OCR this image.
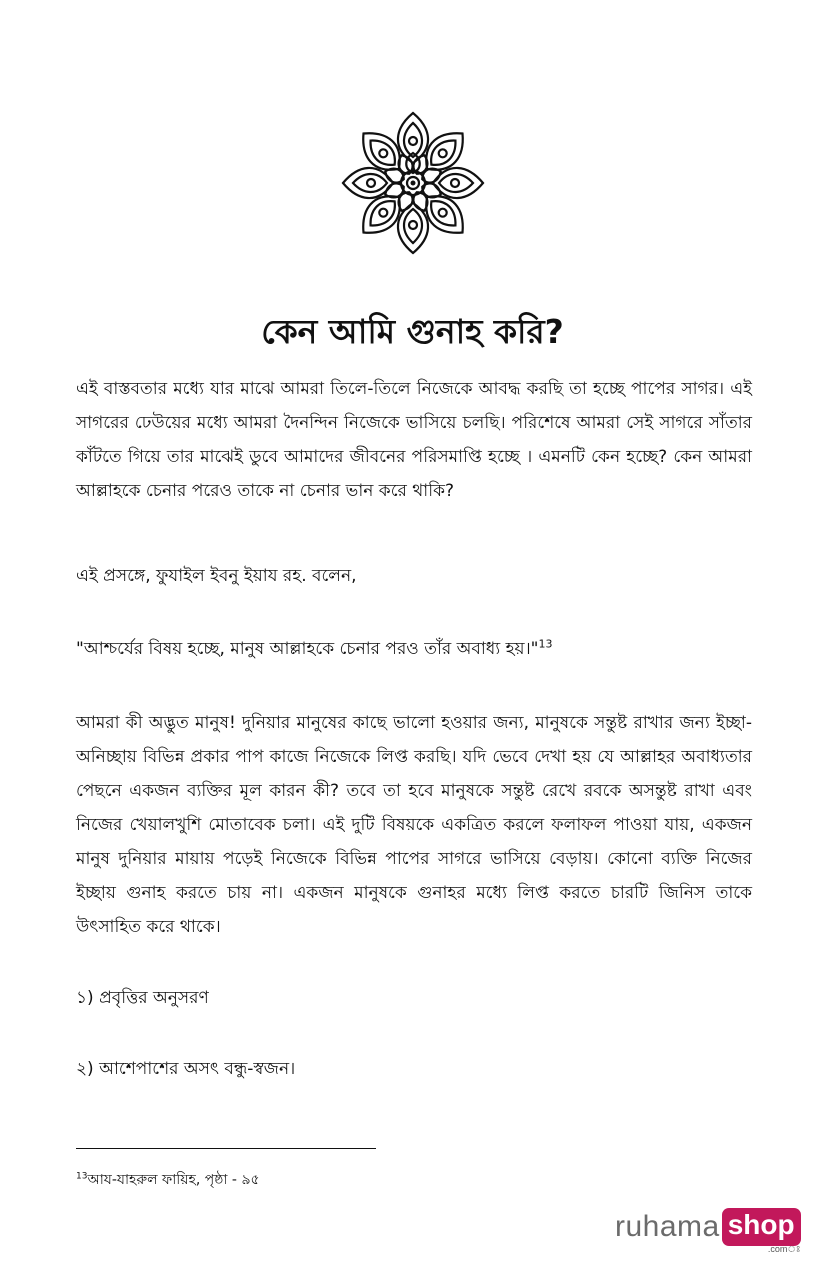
কেন আমি গুনাহ করি?

এই বাস্তবতার মধ্যে যার মাঝে আমরা তিলে-তিলে নিজেকে আবদ্ধ করছি তা হচ্ছে পাপের সাগর। এই সাগরের ঢেউয়ের মধ্যে আমরা দৈনন্দিন নিজেকে ভাসিয়ে চলছি। পরিশেষে আমরা সেই সাগরে সাঁতার কাঁটতে গিয়ে তার মাঝেই ডুবে আমাদের জীবনের পরিসমাপ্তি হচ্ছে । এমনটি কেন হচ্ছে? কেন আমরা আল্লাহকে চেনার পরেও তাকে না চেনার ভান করে থাকি?

এই প্রসঙ্গে, ফুযাইল ইবনু ইয়ায রহ. বলেন,

"আশ্চর্যের বিষয় হচ্ছে, মানুষ আল্লাহকে চেনার পরও তাঁর অবাধ্য হয়।"$^{13}$

আমরা কী অদ্ভুত মানুষ! দুনিয়ার মানুষের কাছে ভালো হওয়ার জন্য, মানুষকে সন্তুষ্ট রাখার জন্য ইচ্ছা-অনিচ্ছায় বিভিন্ন প্রকার পাপ কাজে নিজেকে লিপ্ত করছি। যদি ভেবে দেখা হয় যে আল্লাহর অবাধ্যতার পেছনে একজন ব্যক্তির মূল কারন কী? তবে তা হবে মানুষকে সন্তুষ্ট রেখে রবকে অসন্তুষ্ট রাখা এবং নিজের খেয়ালখুশি মোতাবেক চলা। এই দুটি বিষয়কে একত্রিত করলে ফলাফল পাওয়া যায়, একজন মানুষ দুনিয়ার মায়ায় পড়েই নিজেকে বিভিন্ন পাপের সাগরে ভাসিয়ে বেড়ায়। কোনো ব্যক্তি নিজের ইচ্ছায় গুনাহ করতে চায় না। একজন মানুষকে গুনাহর মধ্যে লিপ্ত করতে চারটি জিনিস তাকে উৎসাহিত করে থাকে।

১) প্রবৃত্তির অনুসরণ

২) আশেপাশের অসৎ বন্ধু-স্বজন।

$^{13}$আয-যাহরুল ফায়িহ, পৃষ্ঠা - ৯৫

ruhama shop
.comঃ
